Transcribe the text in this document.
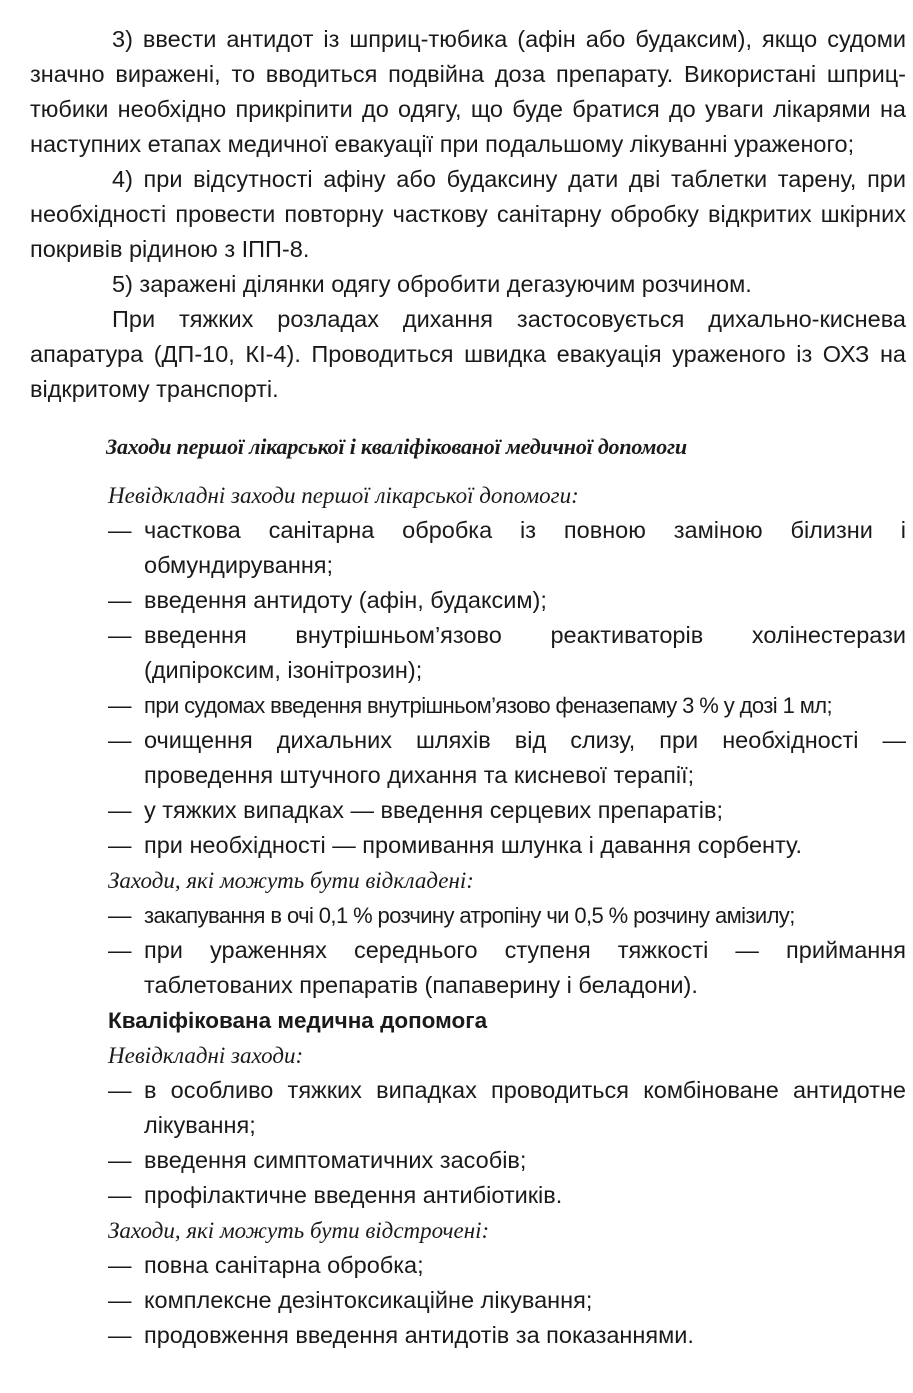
3) ввести антидот із шприц-тюбика (афін або будаксим), якщо судоми значно виражені, то вводиться подвійна доза препарату. Використані шприц-тюбики необхідно прикріпити до одягу, що буде братися до уваги лікарями на наступних етапах медичної евакуації при подальшому лікуванні ураженого;

4) при відсутності афіну або будаксину дати дві таблетки тарену, при необхідності провести повторну часткову санітарну обробку відкритих шкірних покривів рідиною з ІПП-8.

5) заражені ділянки одягу обробити дегазуючим розчином.

При тяжких розладах дихання застосовується дихально-киснева апаратура (ДП-10, КІ-4). Проводиться швидка евакуація ураженого із ОХЗ на відкритому транспорті.

Заходи першої лікарської і кваліфікованої медичної допомоги
Невідкладні заходи першої лікарської допомоги:
— часткова санітарна обробка із повною заміною білизни і обмундирування;
— введення антидоту (афін, будаксим);
— введення внутрішньом’язово реактиваторів холінестерази (дипіроксим, ізонітрозин);
— при судомах введення внутрішньом’язово феназепаму 3 % у дозі 1 мл;
— очищення дихальних шляхів від слизу, при необхідності — проведення штучного дихання та кисневої терапії;
— у тяжких випадках — введення серцевих препаратів;
— при необхідності — промивання шлунка і давання сорбенту.
Заходи, які можуть бути відкладені:
— закапування в очі 0,1 % розчину атропіну чи 0,5 % розчину амізилу;
— при ураженнях середнього ступеня тяжкості — приймання таблетованих препаратів (папаверину і беладони).
Кваліфікована медична допомога
Невідкладні заходи:
— в особливо тяжких випадках проводиться комбіноване антидотне лікування;
— введення симптоматичних засобів;
— профілактичне введення антибіотиків.
Заходи, які можуть бути відстрочені:
— повна санітарна обробка;
— комплексне дезінтоксикаційне лікування;
— продовження введення антидотів за показаннями.
